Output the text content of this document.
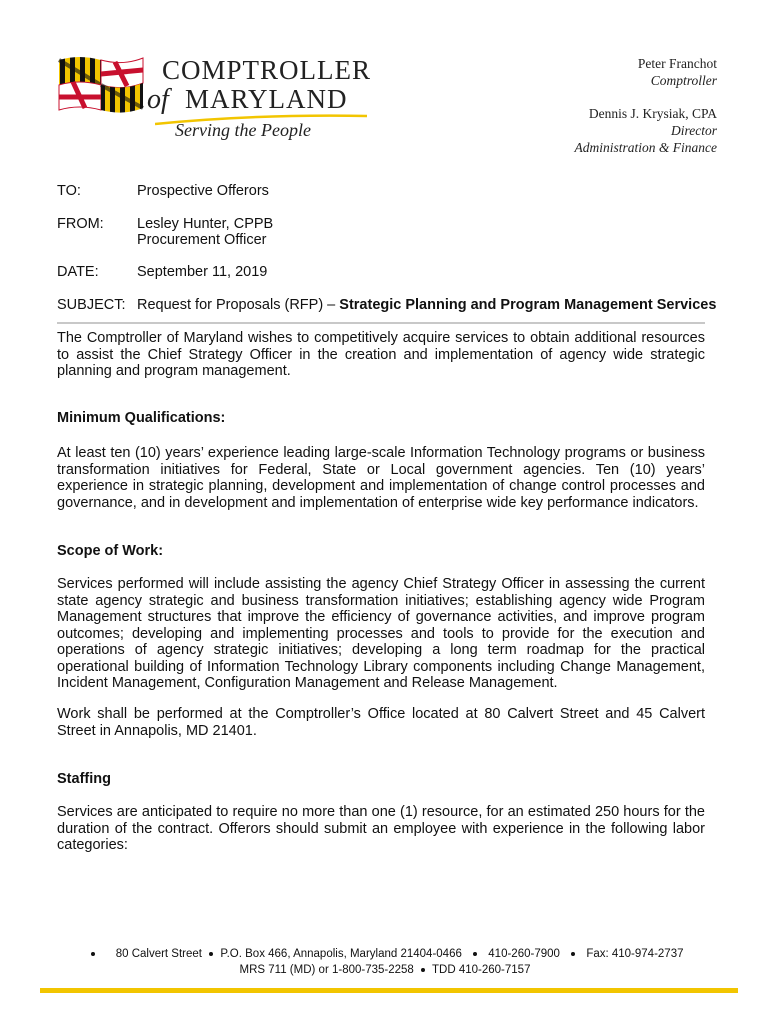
COMPTROLLER
of MARYLAND
Serving the People
Peter Franchot
Comptroller
Dennis J. Krysiak, CPA
Director
Administration & Finance
TO:	Prospective Offerors
FROM: Lesley Hunter, CPPB
Procurement Officer
DATE:	September 11, 2019
SUBJECT: Request for Proposals (RFP) – Strategic Planning and Program Management Services
The Comptroller of Maryland wishes to competitively acquire services to obtain additional resources to assist the Chief Strategy Officer in the creation and implementation of agency wide strategic planning and program management.
Minimum Qualifications:
At least ten (10) years’ experience leading large-scale Information Technology programs or business transformation initiatives for Federal, State or Local government agencies. Ten (10) years’ experience in strategic planning, development and implementation of change control processes and governance, and in development and implementation of enterprise wide key performance indicators.
Scope of Work:
Services performed will include assisting the agency Chief Strategy Officer in assessing the current state agency strategic and business transformation initiatives; establishing agency wide Program Management structures that improve the efficiency of governance activities, and improve program outcomes; developing and implementing processes and tools to provide for the execution and operations of agency strategic initiatives; developing a long term roadmap for the practical operational building of Information Technology Library components including Change Management, Incident Management, Configuration Management and Release Management.
Work shall be performed at the Comptroller’s Office located at 80 Calvert Street and 45 Calvert Street in Annapolis, MD 21401.
Staffing
Services are anticipated to require no more than one (1) resource, for an estimated 250 hours for the duration of the contract. Offerors should submit an employee with experience in the following labor categories:
80 Calvert Street P.O. Box 466, Annapolis, Maryland 21404-0466 410-260-7900 Fax: 410-974-2737
MRS 711 (MD) or 1-800-735-2258 TDD 410-260-7157
